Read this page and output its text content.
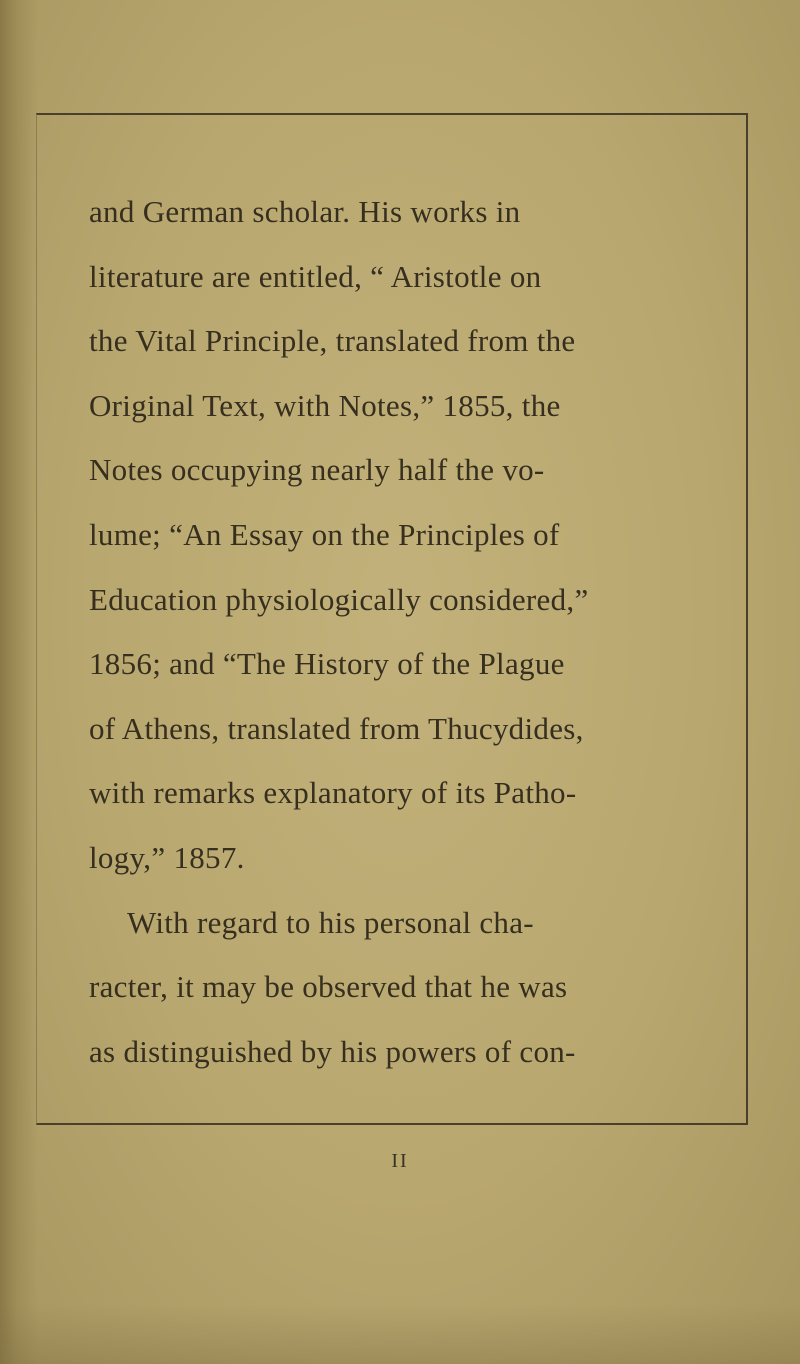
and German scholar. His works in
literature are entitled, “ Aristotle on
the Vital Principle, translated from the
Original Text, with Notes,” 1855, the
Notes occupying nearly half the vo-
lume; “An Essay on the Principles of
Education physiologically considered,”
1856; and “The History of the Plague
of Athens, translated from Thucydides,
with remarks explanatory of its Patho-
logy,” 1857.
With regard to his personal cha-
racter, it may be observed that he was
as distinguished by his powers of con-
II
